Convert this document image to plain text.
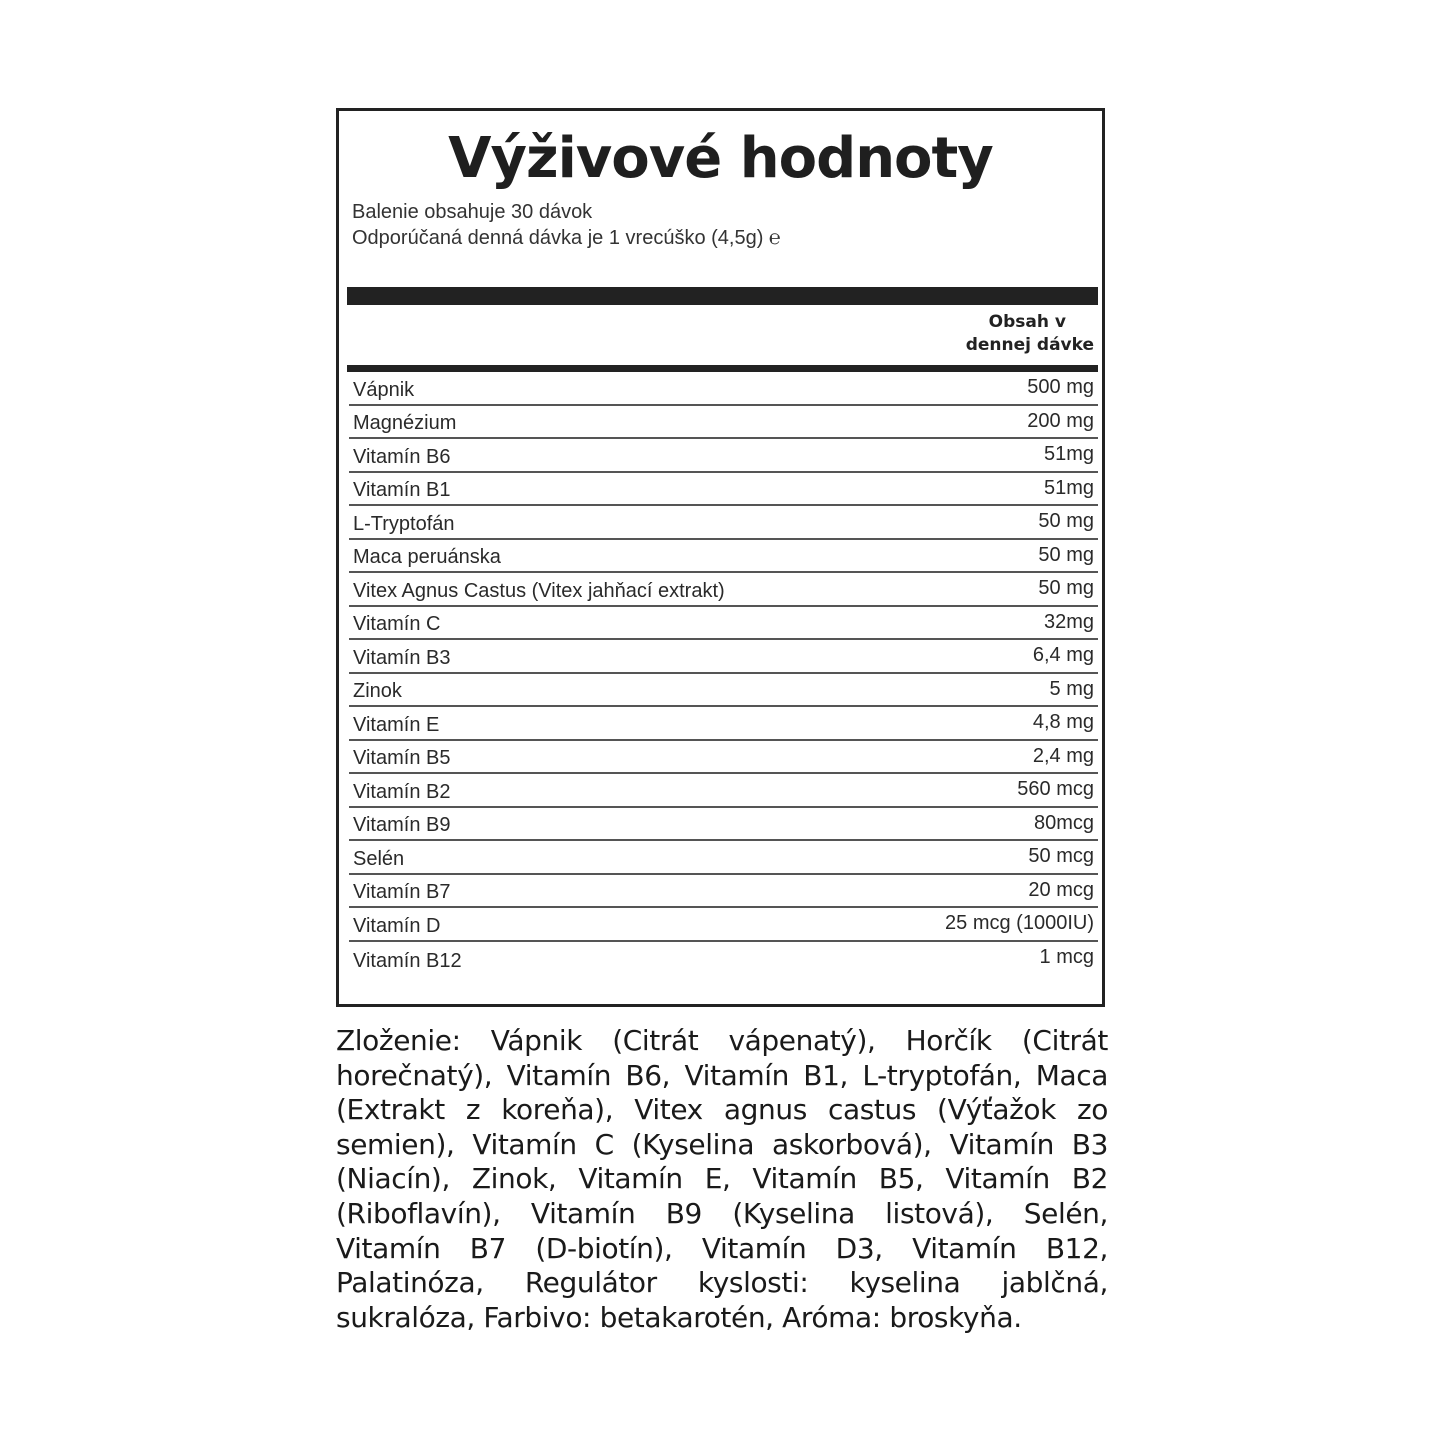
Výživové hodnoty
Balenie obsahuje 30 dávok
Odporúčaná denná dávka je 1 vrecúško (4,5g) ℮
Obsah v
dennej dávke
Vápnik	500 mg
Magnézium	200 mg
Vitamín B6	51mg
Vitamín B1	51mg
L-Tryptofán	50 mg
Maca peruánska	50 mg
Vitex Agnus Castus (Vitex jahňací extrakt)	50 mg
Vitamín C	32mg
Vitamín B3	6,4 mg
Zinok	5 mg
Vitamín E	4,8 mg
Vitamín B5	2,4 mg
Vitamín B2	560 mcg
Vitamín B9	80mcg
Selén	50 mcg
Vitamín B7	20 mcg
Vitamín D	25 mcg (1000IU)
Vitamín B12	1 mcg
Zloženie: Vápnik (Citrát vápenatý), Horčík (Citrát horečnatý), Vitamín B6, Vitamín B1, L-tryptofán, Maca (Extrakt z koreňa), Vitex agnus castus (Výťažok zo semien), Vitamín C (Kyselina askorbová), Vitamín B3 (Niacín), Zinok, Vitamín E, Vitamín B5, Vitamín B2 (Riboflavín), Vitamín B9 (Kyselina listová), Selén, Vitamín B7 (D-biotín), Vitamín D3, Vitamín B12, Palatinóza, Regulátor kyslosti: kyselina jablčná, sukralóza, Farbivo: betakarotén, Aróma: broskyňa.
